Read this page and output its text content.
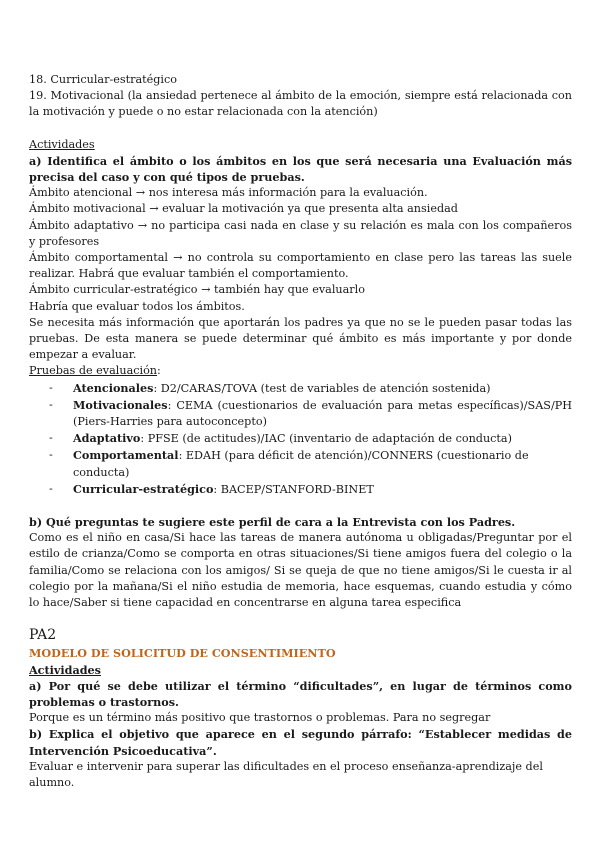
18. Curricular-estratégico

19. Motivacional (la ansiedad pertenece al ámbito de la emoción, siempre está relacionada con la motivación y puede o no estar relacionada con la atención)

Actividades

a) Identifica el ámbito o los ámbitos en los que será necesaria una Evaluación más precisa del caso y con qué tipos de pruebas.

Ámbito atencional → nos interesa más información para la evaluación.

Ámbito motivacional → evaluar la motivación ya que presenta alta ansiedad

Ámbito adaptativo → no participa casi nada en clase y su relación es mala con los compañeros y profesores

Ámbito comportamental → no controla su comportamiento en clase pero las tareas las suele realizar. Habrá que evaluar también el comportamiento.

Ámbito curricular-estratégico → también hay que evaluarlo

Habría que evaluar todos los ámbitos.

Se necesita más información que aportarán los padres ya que no se le pueden pasar todas las pruebas. De esta manera se puede determinar qué ámbito es más importante y por donde empezar a evaluar.

Pruebas de evaluación:

- Atencionales: D2/CARAS/TOVA (test de variables de atención sostenida)
- Motivacionales: CEMA (cuestionarios de evaluación para metas específicas)/SAS/PH (Piers-Harries para autoconcepto)
- Adaptativo: PFSE (de actitudes)/IAC (inventario de adaptación de conducta)
- Comportamental: EDAH (para déficit de atención)/CONNERS (cuestionario de conducta)
- Curricular-estratégico: BACEP/STANFORD-BINET

b) Qué preguntas te sugiere este perfil de cara a la Entrevista con los Padres.

Como es el niño en casa/Si hace las tareas de manera autónoma u obligadas/Preguntar por el estilo de crianza/Como se comporta en otras situaciones/Si tiene amigos fuera del colegio o la familia/Como se relaciona con los amigos/ Si se queja de que no tiene amigos/Si le cuesta ir al colegio por la mañana/Si el niño estudia de memoria, hace esquemas, cuando estudia y cómo lo hace/Saber si tiene capacidad en concentrarse en alguna tarea especifica

PA2

MODELO DE SOLICITUD DE CONSENTIMIENTO

Actividades

a) Por qué se debe utilizar el término “dificultades”, en lugar de términos como problemas o trastornos.

Porque es un término más positivo que trastornos o problemas. Para no segregar

b) Explica el objetivo que aparece en el segundo párrafo: “Establecer medidas de Intervención Psicoeducativa”.

Evaluar e intervenir para superar las dificultades en el proceso enseñanza-aprendizaje del alumno.
